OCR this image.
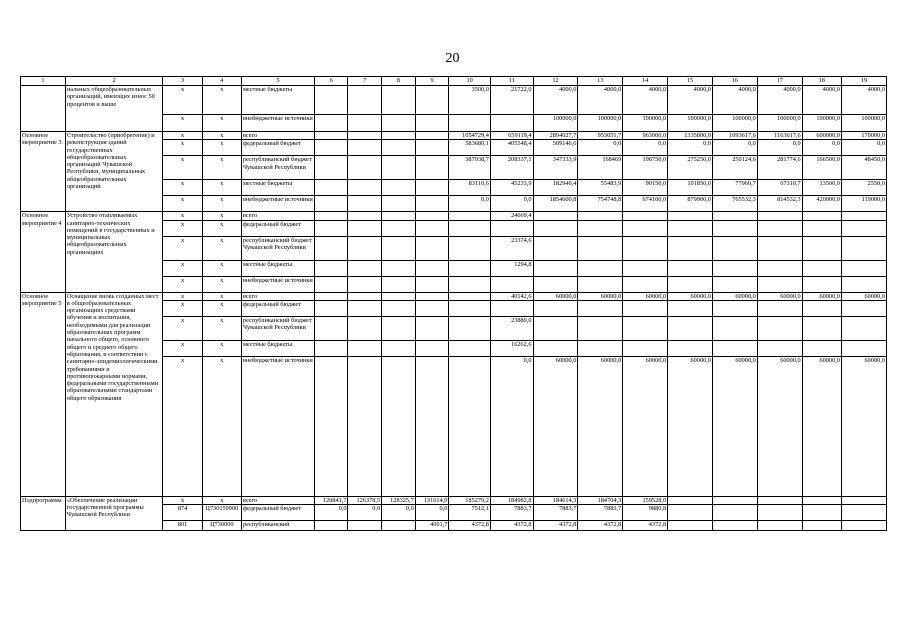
20
1	2	3	4	5	6	7	8	9	10	11	12	13	14	15	16	17	18	19
	нальных общеобразовательных организаций, имеющих износ 50 процентов и выше	x	x	местные бюджеты					3500,0	21722,0	4000,0	4000,0	4000,0	4000,0	4000,0	4000,0	4000,0	4000,0
		x	x	внебюджетные источники							100000,0	100000,0	100000,0	100000,0	100000,0	100000,0	100000,0	100000,0
Основное мероприятие 3	Строительство (приобретение) и реконструкция зданий государственных общеобразовательных организаций Чувашской Республики, муниципальных общеобразовательных организаций	x	x	всего					1054729,4	659119,4	2894027,7	953051,7	963000,0	1335800,0	1093617,6	1163617,6	600000,0	170000,0
		x	x	федеральный бюджет					583680,1	405548,4	509146,6	0,0	0,0	0,0	0,0	0,0	0,0	0,0
		x	x	республиканский бюджет Чувашской Республики					387938,7	208337,1	347333,9	168469	198750,0	275250,0	250124,6	281774,6	166500,0	48450,0
		x	x	местные бюджеты					83110,6	45233,9	182946,4	55483,9	90150,0	101850,0	77960,7	67310,7	13500,0	2550,0
		x	x	внебюджетные источники					0,0	0,0	1854600,8	754748,8	674100,0	879900,0	765532,3	814532,3	420000,0	119000,0
Основное мероприятие 4	Устройство отапливаемых санитарно-технических помещений в государственных и муниципальных общеобразовательных организациях	x	x	всего						24669,4								
		x	x	федеральный бюджет														
		x	x	республиканский бюджет Чувашской Республики						23374,6								
		x	x	местные бюджеты						1294,8								
		x	x	внебюджетные источники														
Основное мероприятие 5	Оснащение вновь созданных мест в общеобразовательных организациях средствами обучения и воспитания, необходимыми для реализации образовательных программ начального общего, основного общего и среднего общего образования, в соответствии с санитарно-эпидемиологическими требованиями и противопожарными нормами, федеральными государственными образовательными стандартами общего образования	x	x	всего						40142,6	60000,0	60000,0	60000,0	60000,0	60000,0	60000,0	60000,0	60000,0
		x	x	федеральный бюджет														
		x	x	республиканский бюджет Чувашской Республики						23880,0								
		x	x	местные бюджеты						16262,6								
		x	x	внебюджетные источники						0,0	60000,0	60000,0	60000,0	60000,0	60000,0	60000,0	60000,0	60000,0
Подпрограмма	«Обеспечение реализации государственной программы Чувашской Республики	x	x	всего	120841,7	126378,5	128325,7	131614,9	185279,2	184982,8	184614,3	184704,3	159528,0					
		874	Ц730159900	федеральный бюджет	0,0	0,0	0,0	0,0	7512,1	7883,7	7883,7	7883,7	9880,8					
		801	Ц730000	республиканский				4001,7	4372,8	4372,8	4372,8	4372,8	4372,8					
